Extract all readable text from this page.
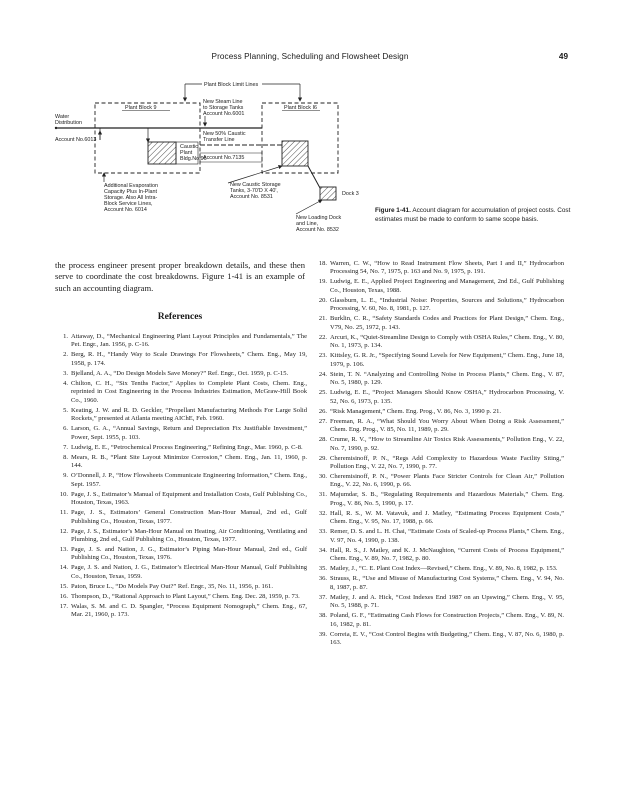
Process Planning, Scheduling and Flowsheet Design	49
Plant Block Limit Lines
Plant Block 9	Plant Block I6
Water
Distribution
Account No.6013
New Steam Line
to Storage Tanks
Account No.6001
New 50% Caustic
Transfer Line
Caustic
Plant
Bldg.No.96
Account No.7135
Additional Evaporation
Capacity Plus In-Plant
Storage. Also All Intra-
Block Service Lines,
Account No. 6014
New Caustic Storage
Tanks, 3-70'D X 40',
Account No. 8531	Dock 3
New Loading Dock
and Line,
Account No. 8532
Figure 1-41. Account diagram for accumulation of project costs. Cost estimates must be made to conform to same scope basis.
the process engineer present proper breakdown details, and these then serve to coordinate the cost breakdowns. Figure 1-41 is an example of such an accounting diagram.
References
1. Attaway, D., “Mechanical Engineering Plant Layout Principles and Fundamentals,” The Pet. Engr., Jan. 1956, p. C-16.
2. Berg, R. H., “Handy Way to Scale Drawings For Flowsheets,” Chem. Eng., May 19, 1958, p. 174.
3. Bjelland, A. A., “Do Design Models Save Money?” Ref. Engr., Oct. 1959, p. C-15.
4. Chilton, C. H., “Six Tenths Factor,” Applies to Complete Plant Costs, Chem. Eng., reprinted in Cost Engineering in the Process Industries Estimation, McGraw-Hill Book Co., 1960.
5. Keating, J. W. and R. D. Geckler, “Propellant Manufacturing Methods For Large Solid Rockets,” presented at Atlanta meeting AIChE, Feb. 1960.
6. Larson, G. A., “Annual Savings, Return and Depreciation Fix Justifiable Investment,” Power, Sept. 1955, p. 103.
7. Ludwig, E. E., “Petrochemical Process Engineering,” Refining Engr., Mar. 1960, p. C-8.
8. Mears, R. B., “Plant Site Layout Minimize Corrosion,” Chem. Eng., Jan. 11, 1960, p. 144.
9. O’Donnell, J. P., “How Flowsheets Communicate Engineering Information,” Chem. Eng., Sept. 1957.
10. Page, J. S., Estimator’s Manual of Equipment and Installation Costs, Gulf Publishing Co., Houston, Texas, 1963.
11. Page, J. S., Estimators’ General Construction Man-Hour Manual, 2nd ed., Gulf Publishing Co., Houston, Texas, 1977.
12. Page, J. S., Estimator’s Man-Hour Manual on Heating, Air Conditioning, Ventilating and Plumbing, 2nd ed., Gulf Publishing Co., Houston, Texas, 1977.
13. Page, J. S. and Nation, J. G., Estimator’s Piping Man-Hour Manual, 2nd ed., Gulf Publishing Co., Houston, Texas, 1976.
14. Page, J. S. and Nation, J. G., Estimator’s Electrical Man-Hour Manual, Gulf Publishing Co., Houston, Texas, 1959.
15. Paton, Bruce L., “Do Models Pay Out?” Ref. Engr., 35, No. 11, 1956, p. 161.
16. Thompson, D., “Rational Approach to Plant Layout,” Chem. Eng. Dec. 28, 1959, p. 73.
17. Walas, S. M. and C. D. Spangler, “Process Equipment Nomograph,” Chem. Eng., 67, Mar. 21, 1960, p. 173.
18. Warren, C. W., “How to Read Instrument Flow Sheets, Part I and II,” Hydrocarbon Processing 54, No. 7, 1975, p. 163 and No. 9, 1975, p. 191.
19. Ludwig, E. E., Applied Project Engineering and Management, 2nd Ed., Gulf Publishing Co., Houston, Texas, 1988.
20. Glassburn, L. E., “Industrial Noise: Properties, Sources and Solutions,” Hydrocarbon Processing, V. 60, No. 8, 1981, p. 127.
21. Burklin, C. R., “Safety Standards Codes and Practices for Plant Design,” Chem. Eng., V79, No. 25, 1972, p. 143.
22. Arcuri, K., “Quiet-Streamline Design to Comply with OSHA Rules,” Chem. Eng., V. 80, No. 1, 1973, p. 134.
23. Kittsley, G. R. Jr., “Specifying Sound Levels for New Equipment,” Chem. Eng., June 18, 1979, p. 106.
24. Stein, T. N. “Analyzing and Controlling Noise in Process Plants,” Chem. Eng., V. 87, No. 5, 1980, p. 129.
25. Ludwig, E. E., “Project Managers Should Know OSHA,” Hydrocarbon Processing, V. 52, No. 6, 1973, p. 135.
26. “Risk Management,” Chem. Eng. Prog., V. 86, No. 3, 1990 p. 21.
27. Freeman, R. A., “What Should You Worry About When Doing a Risk Assessment,” Chem. Eng. Prog., V. 85, No. 11, 1989, p. 29.
28. Crume, R. V., “How to Streamline Air Toxics Risk Assessments,” Pollution Eng., V. 22, No. 7, 1990, p. 92.
29. Cheremisinoff, P. N., “Regs Add Complexity to Hazardous Waste Facility Siting,” Pollution Eng., V. 22, No. 7, 1990, p. 77.
30. Cheremisinoff, P. N., “Power Plants Face Stricter Controls for Clean Air,” Pollution Eng., V. 22, No. 6, 1990, p. 66.
31. Majumdar, S. B., “Regulating Requirements and Hazardous Materials,” Chem. Eng. Prog., V. 86, No. 5, 1990, p. 17.
32. Hall, R. S., W. M. Vatavuk, and J. Matley, “Estimating Process Equipment Costs,” Chem. Eng., V. 95, No. 17, 1988, p. 66.
33. Remer, D. S. and L. H. Chai, “Estimate Costs of Scaled-up Process Plants,” Chem. Eng., V. 97, No. 4, 1990, p. 138.
34. Hall, R. S., J. Matley, and K. J. McNaughton, “Current Costs of Process Equipment,” Chem. Eng., V. 89, No. 7, 1982, p. 80.
35. Matley, J., “C. E. Plant Cost Index—Revised,” Chem. Eng., V. 89, No. 8, 1982, p. 153.
36. Strauss, R., “Use and Misuse of Manufacturing Cost Systems,” Chem. Eng., V. 94, No. 8, 1987, p. 87.
37. Matley, J. and A. Hick, “Cost Indexes End 1987 on an Upswing,” Chem. Eng., V. 95, No. 5, 1988, p. 71.
38. Poland, G. F., “Estimating Cash Flows for Construction Projects,” Chem. Eng., V. 89, N. 16, 1982, p. 81.
39. Correia, E. V., “Cost Control Begins with Budgeting,” Chem. Eng., V. 87, No. 6, 1980, p. 163.
